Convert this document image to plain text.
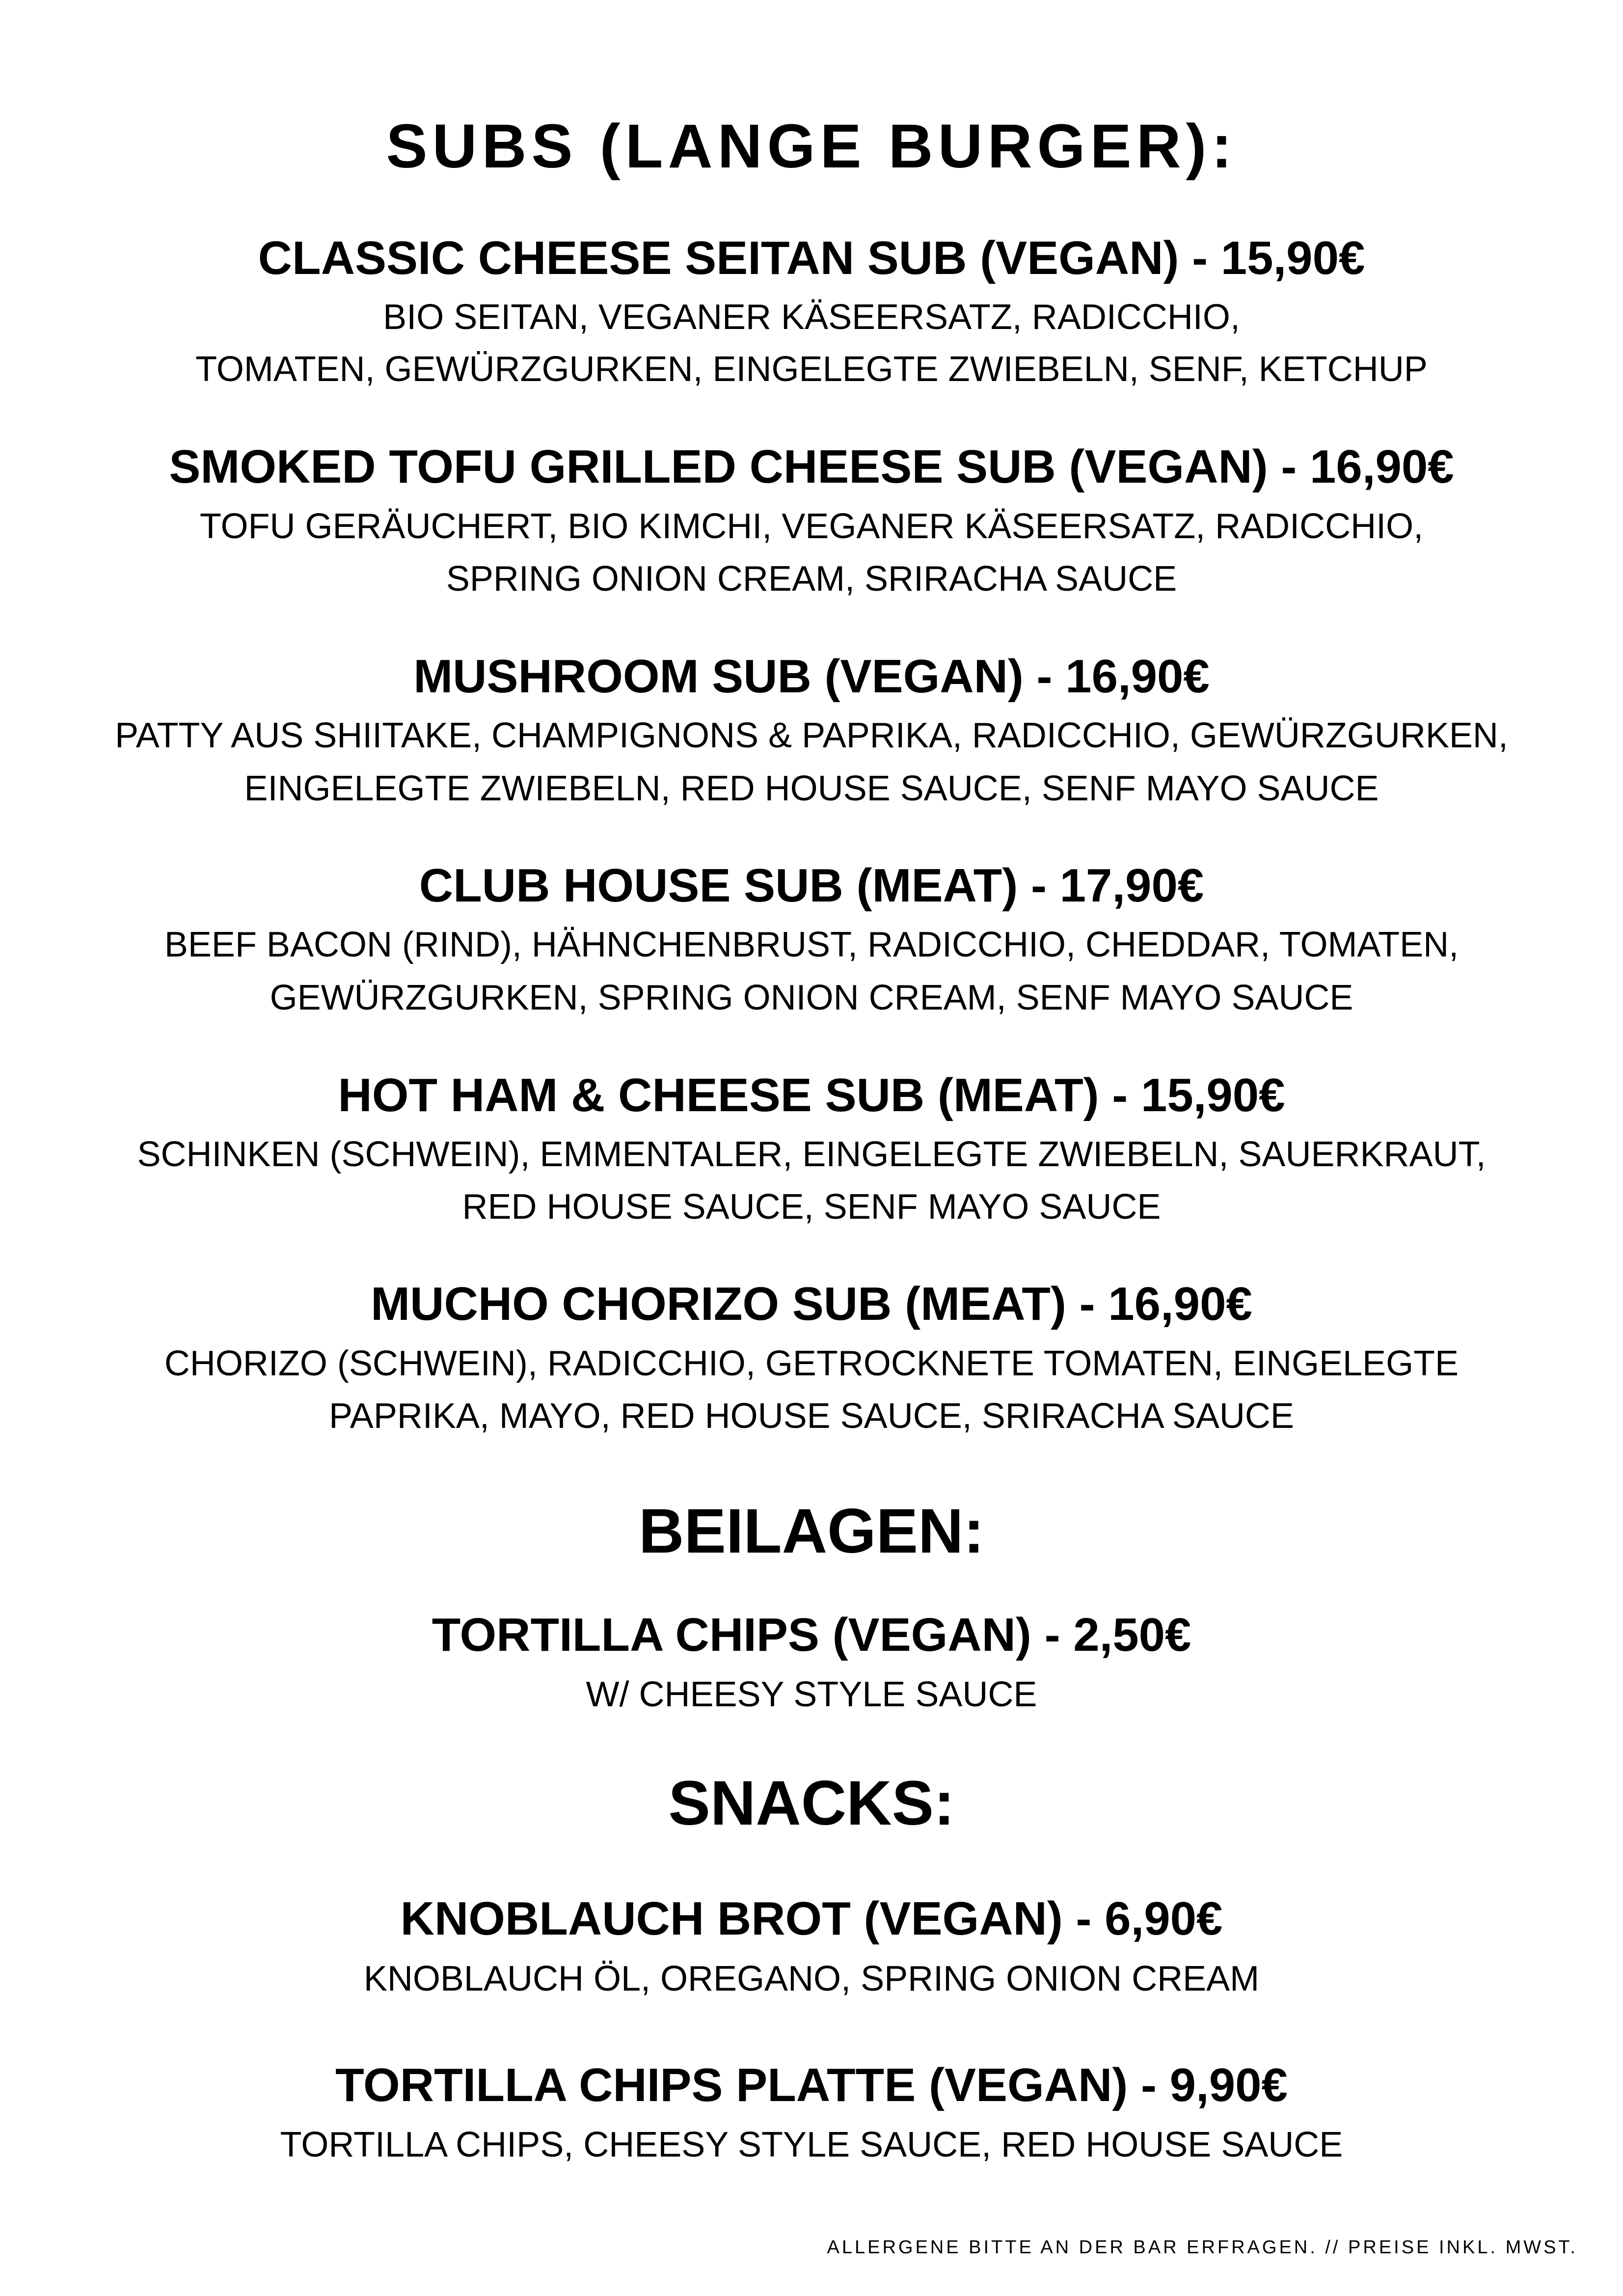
SUBS (LANGE BURGER):
CLASSIC CHEESE SEITAN SUB (VEGAN) - 15,90€
BIO SEITAN, VEGANER KÄSEERSATZ, RADICCHIO,
TOMATEN, GEWÜRZGURKEN, EINGELEGTE ZWIEBELN, SENF, KETCHUP
SMOKED TOFU GRILLED CHEESE SUB (VEGAN) - 16,90€
TOFU GERÄUCHERT, BIO KIMCHI, VEGANER KÄSEERSATZ, RADICCHIO,
SPRING ONION CREAM, SRIRACHA SAUCE
MUSHROOM SUB (VEGAN) - 16,90€
PATTY AUS SHIITAKE, CHAMPIGNONS & PAPRIKA, RADICCHIO, GEWÜRZGURKEN,
EINGELEGTE ZWIEBELN, RED HOUSE SAUCE, SENF MAYO SAUCE
CLUB HOUSE SUB (MEAT) - 17,90€
BEEF BACON (RIND), HÄHNCHENBRUST, RADICCHIO, CHEDDAR, TOMATEN,
GEWÜRZGURKEN, SPRING ONION CREAM, SENF MAYO SAUCE
HOT HAM & CHEESE SUB (MEAT) - 15,90€
SCHINKEN (SCHWEIN), EMMENTALER, EINGELEGTE ZWIEBELN, SAUERKRAUT,
RED HOUSE SAUCE, SENF MAYO SAUCE
MUCHO CHORIZO SUB (MEAT) - 16,90€
CHORIZO (SCHWEIN), RADICCHIO, GETROCKNETE TOMATEN, EINGELEGTE
PAPRIKA, MAYO, RED HOUSE SAUCE, SRIRACHA SAUCE
BEILAGEN:
TORTILLA CHIPS (VEGAN) - 2,50€
W/ CHEESY STYLE SAUCE
SNACKS:
KNOBLAUCH BROT (VEGAN) - 6,90€
KNOBLAUCH ÖL, OREGANO, SPRING ONION CREAM
TORTILLA CHIPS PLATTE (VEGAN) - 9,90€
TORTILLA CHIPS, CHEESY STYLE SAUCE, RED HOUSE SAUCE
ALLERGENE BITTE AN DER BAR ERFRAGEN. // PREISE INKL. MWST.
